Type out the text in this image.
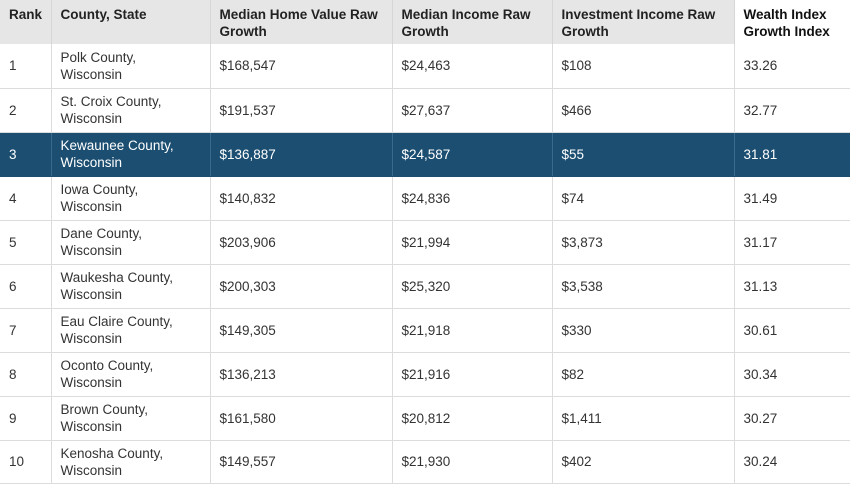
Rank	County, State	Median Home Value Raw Growth	Median Income Raw Growth	Investment Income Raw Growth	Wealth Index Growth Index
1	Polk County, Wisconsin	$168,547	$24,463	$108	33.26
2	St. Croix County, Wisconsin	$191,537	$27,637	$466	32.77
3	Kewaunee County, Wisconsin	$136,887	$24,587	$55	31.81
4	Iowa County, Wisconsin	$140,832	$24,836	$74	31.49
5	Dane County, Wisconsin	$203,906	$21,994	$3,873	31.17
6	Waukesha County, Wisconsin	$200,303	$25,320	$3,538	31.13
7	Eau Claire County, Wisconsin	$149,305	$21,918	$330	30.61
8	Oconto County, Wisconsin	$136,213	$21,916	$82	30.34
9	Brown County, Wisconsin	$161,580	$20,812	$1,411	30.27
10	Kenosha County, Wisconsin	$149,557	$21,930	$402	30.24
